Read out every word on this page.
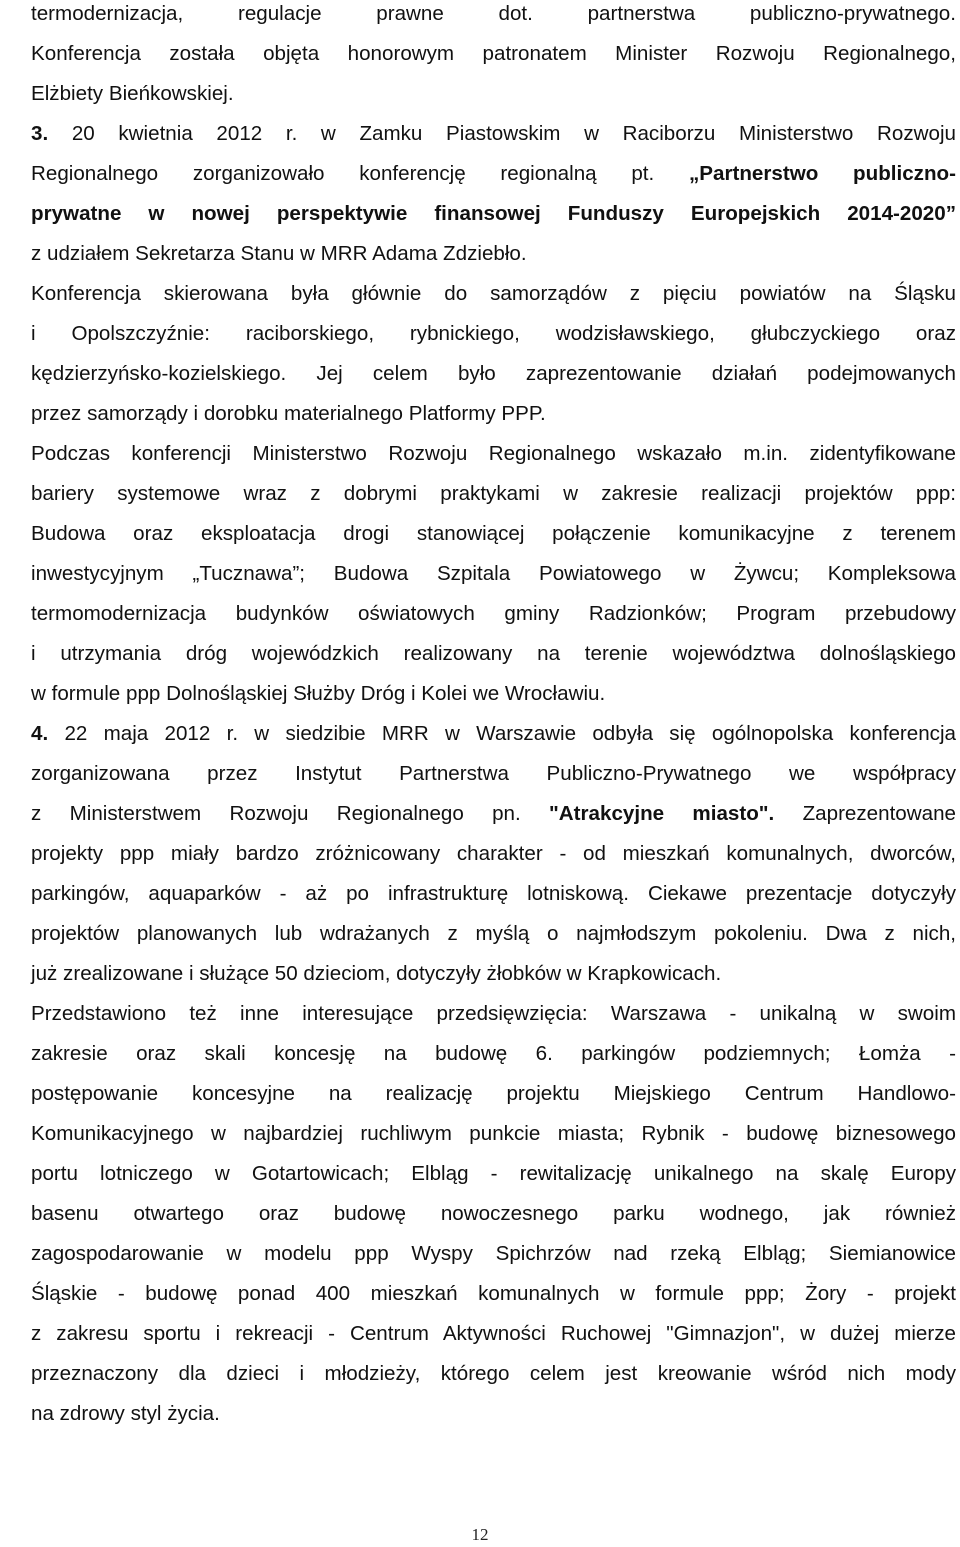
termodernizacja, regulacje prawne dot. partnerstwa publiczno-prywatnego.
Konferencja została objęta honorowym patronatem Minister Rozwoju Regionalnego,
Elżbiety Bieńkowskiej.
3. 20 kwietnia 2012 r. w Zamku Piastowskim w Raciborzu Ministerstwo Rozwoju
Regionalnego zorganizowało konferencję regionalną pt. „Partnerstwo publiczno-
prywatne w nowej perspektywie finansowej Funduszy Europejskich 2014-2020”
z udziałem Sekretarza Stanu w MRR Adama Zdziebło.
Konferencja skierowana była głównie do samorządów z pięciu powiatów na Śląsku
i Opolszczyźnie: raciborskiego, rybnickiego, wodzisławskiego, głubczyckiego oraz
kędzierzyńsko-kozielskiego. Jej celem było zaprezentowanie działań podejmowanych
przez samorządy i dorobku materialnego Platformy PPP.
Podczas konferencji Ministerstwo Rozwoju Regionalnego wskazało m.in. zidentyfikowane
bariery systemowe wraz z dobrymi praktykami w zakresie realizacji projektów ppp:
Budowa oraz eksploatacja drogi stanowiącej połączenie komunikacyjne z terenem
inwestycyjnym „Tucznawa”; Budowa Szpitala Powiatowego w Żywcu; Kompleksowa
termomodernizacja budynków oświatowych gminy Radzionków; Program przebudowy
i utrzymania dróg wojewódzkich realizowany na terenie województwa dolnośląskiego
w formule ppp Dolnośląskiej Służby Dróg i Kolei we Wrocławiu.
4. 22 maja 2012 r. w siedzibie MRR w Warszawie odbyła się ogólnopolska konferencja
zorganizowana przez Instytut Partnerstwa Publiczno-Prywatnego we współpracy
z Ministerstwem Rozwoju Regionalnego pn. "Atrakcyjne miasto". Zaprezentowane
projekty ppp miały bardzo zróżnicowany charakter - od mieszkań komunalnych, dworców,
parkingów, aquaparków - aż po infrastrukturę lotniskową. Ciekawe prezentacje dotyczyły
projektów planowanych lub wdrażanych z myślą o najmłodszym pokoleniu. Dwa z nich,
już zrealizowane i służące 50 dzieciom, dotyczyły żłobków w Krapkowicach.
Przedstawiono też inne interesujące przedsięwzięcia: Warszawa - unikalną w swoim
zakresie oraz skali koncesję na budowę 6. parkingów podziemnych; Łomża -
postępowanie koncesyjne na realizację projektu Miejskiego Centrum Handlowo-
Komunikacyjnego w najbardziej ruchliwym punkcie miasta; Rybnik - budowę biznesowego
portu lotniczego w Gotartowicach; Elbląg - rewitalizację unikalnego na skalę Europy
basenu otwartego oraz budowę nowoczesnego parku wodnego, jak również
zagospodarowanie w modelu ppp Wyspy Spichrzów nad rzeką Elbląg; Siemianowice
Śląskie - budowę ponad 400 mieszkań komunalnych w formule ppp; Żory - projekt
z zakresu sportu i rekreacji - Centrum Aktywności Ruchowej "Gimnazjon", w dużej mierze
przeznaczony dla dzieci i młodzieży, którego celem jest kreowanie wśród nich mody
na zdrowy styl życia.
12
